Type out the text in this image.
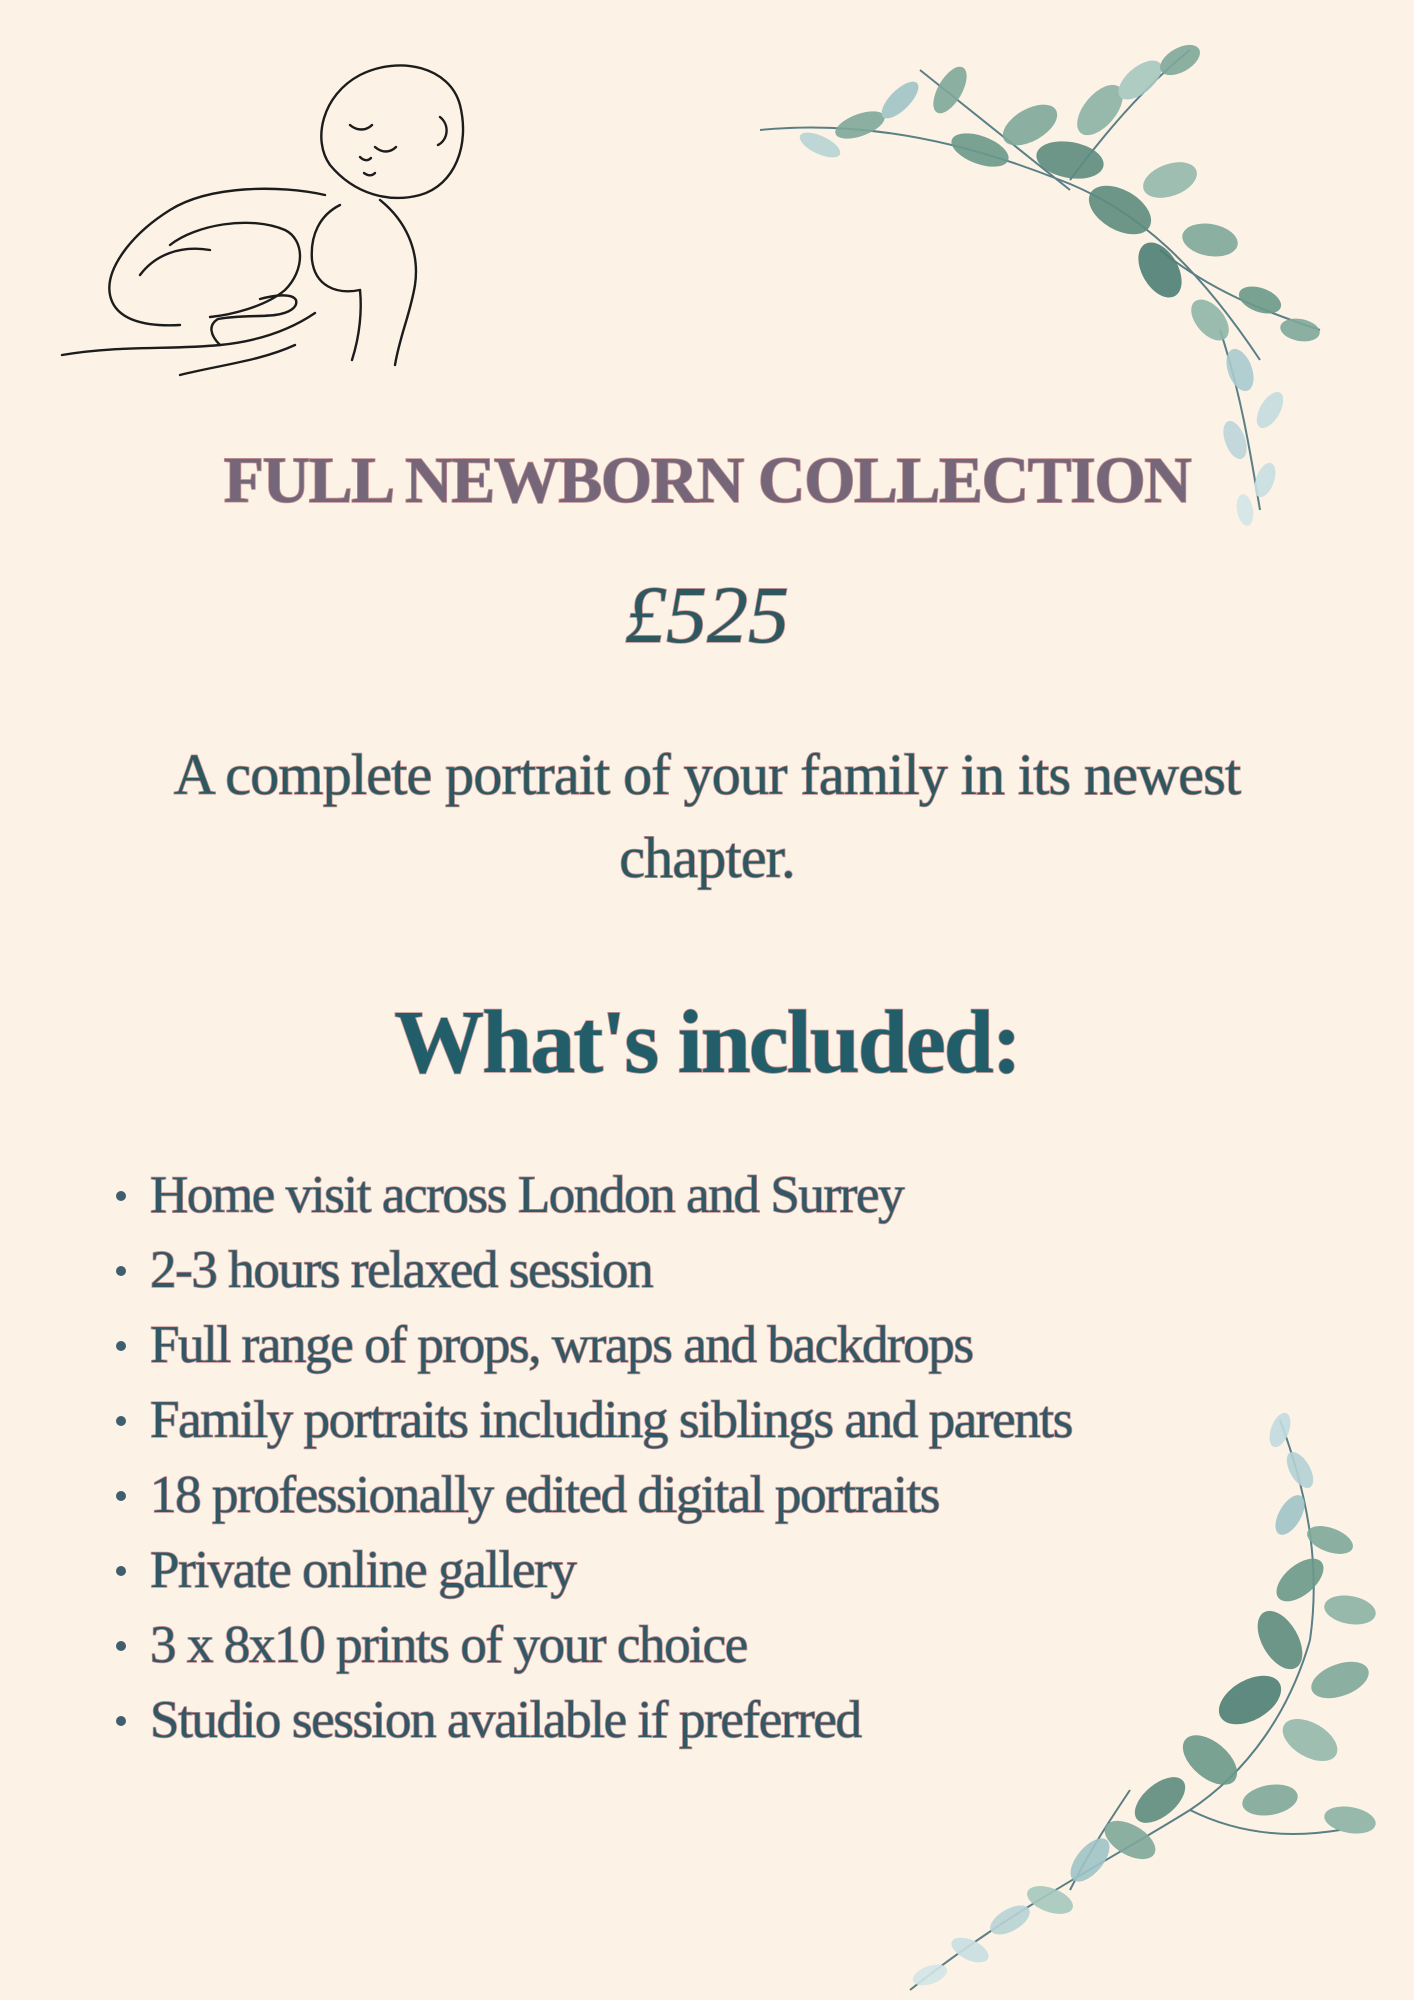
FULL NEWBORN COLLECTION
£525

A complete portrait of your family in its newest
chapter.

What's included:
Home visit across London and Surrey
2-3 hours relaxed session
Full range of props, wraps and backdrops
Family portraits including siblings and parents
18 professionally edited digital portraits
Private online gallery
3 x 8x10 prints of your choice
Studio session available if preferred
